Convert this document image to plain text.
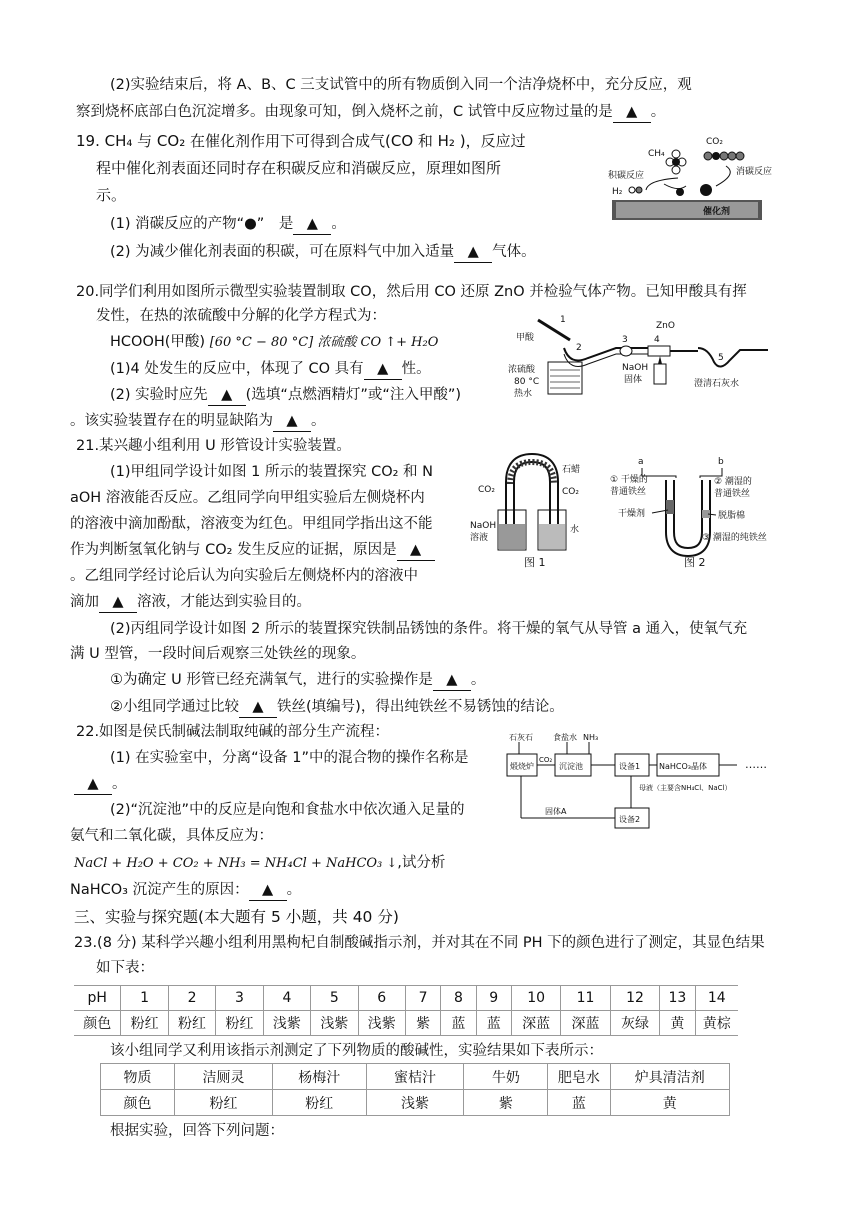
(2)实验结束后，将 A、B、C 三支试管中的所有物质倒入同一个洁净烧杯中，充分反应，观
察到烧杯底部白色沉淀增多。由现象可知，倒入烧杯之前，C 试管中反应物过量的是 ▲ 。
19. CH₄ 与 CO₂ 在催化剂作用下可得到合成气(CO 和 H₂ )，反应过
程中催化剂表面还同时存在积碳反应和消碳反应，原理如图所
示。
(1) 消碳反应的产物“●”　是 ▲ 。
(2) 为减少催化剂表面的积碳，可在原料气中加入适量 ▲ 气体。
CH₄
CO₂
积碳反应	消碳反应
H₂
催化剂
20.同学们利用如图所示微型实验装置制取 CO，然后用 CO 还原 ZnO 并检验气体产物。已知甲酸具有挥
发性，在热的浓硫酸中分解的化学方程式为：
HCOOH(甲酸) [60 °C − 80 °C] 浓硫酸 CO ↑+ H₂O
(1)4 处发生的反应中，体现了 CO 具有 ▲ 性。
(2) 实验时应先 ▲ (选填“点燃酒精灯”或“注入甲酸”)
。该实验装置存在的明显缺陷为 ▲ 。
甲酸
1
2
浓硫酸
80 °C
热水
3
NaOH
固体
ZnO
4
5
澄清石灰水
21.某兴趣小组利用 U 形管设计实验装置。
(1)甲组同学设计如图 1 所示的装置探究 CO₂ 和 N
aOH 溶液能否反应。乙组同学向甲组实验后左侧烧杯内
的溶液中滴加酚酞，溶液变为红色。甲组同学指出这不能
作为判断氢氧化钠与 CO₂ 发生反应的证据，原因是 ▲
。乙组同学经讨论后认为向实验后左侧烧杯内的溶液中
滴加 ▲ 溶液，才能达到实验目的。
(2)丙组同学设计如图 2 所示的装置探究铁制品锈蚀的条件。将干燥的氧气从导管 a 通入，使氧气充
满 U 型管，一段时间后观察三处铁丝的现象。
①为确定 U 形管已经充满氧气，进行的实验操作是 ▲ 。
②小组同学通过比较 ▲ 铁丝(填编号)，得出纯铁丝不易锈蚀的结论。
石蜡
CO₂	CO₂
NaOH
溶液
水
图 1
a	b
① 干燥的
普通铁丝
② 潮湿的
普通铁丝
干燥剂	脱脂棉
③ 潮湿的纯铁丝
图 2
22.如图是侯氏制碱法制取纯碱的部分生产流程：
(1) 在实验室中，分离“设备 1”中的混合物的操作名称是
▲ 。
(2)“沉淀池”中的反应是向饱和食盐水中依次通入足量的
氨气和二氧化碳，具体反应为：
NaCl + H₂O + CO₂ + NH₃ = NH₄Cl + NaHCO₃ ↓,试分析
NaHCO₃ 沉淀产生的原因： ▲ 。
石灰石	食盐水 NH₃
煅烧炉
CO₂
沉淀池	设备1 NaHCO₃晶体	……
母液（主要含NH₄Cl、NaCl）
固体A
设备2
三、实验与探究题(本大题有 5 小题，共 40 分)
23.(8 分) 某科学兴趣小组利用黑枸杞自制酸碱指示剂，并对其在不同 PH 下的颜色进行了测定，其显色结果
如下表：
pH	1	2	3	4	5	6	7	8	9	10	11	12	13	14
颜色	粉红	粉红	粉红	浅紫	浅紫	浅紫	紫	蓝	蓝	深蓝	深蓝	灰绿	黄	黄棕
该小组同学又利用该指示剂测定了下列物质的酸碱性，实验结果如下表所示：
物质	洁厕灵	杨梅汁	蜜桔汁	牛奶	肥皂水	炉具清洁剂
颜色	粉红	粉红	浅紫	紫	蓝	黄
根据实验，回答下列问题：
